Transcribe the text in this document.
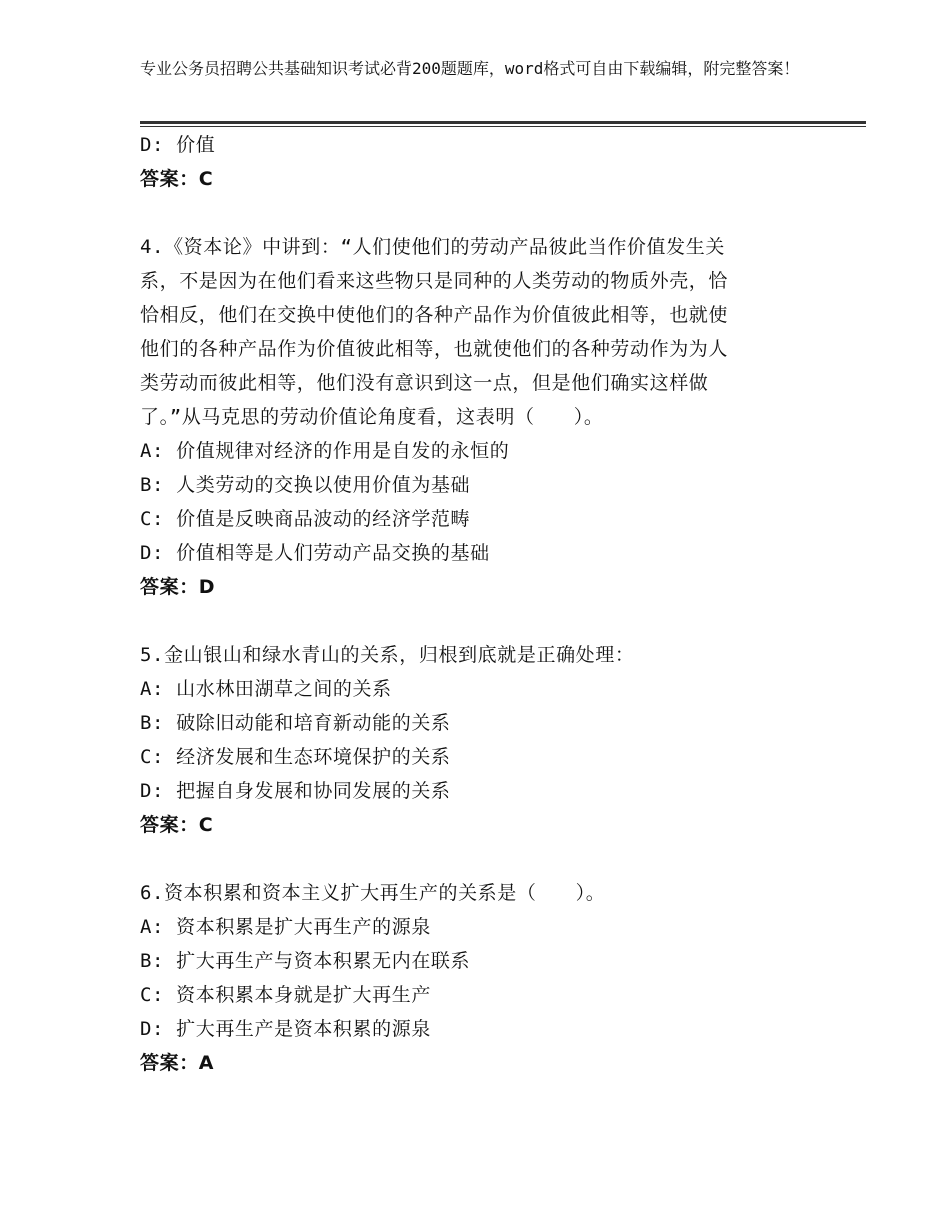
专业公务员招聘公共基础知识考试必背200题题库，word格式可自由下载编辑，附完整答案！
D: 价值
答案：C
4.《资本论》中讲到：“人们使他们的劳动产品彼此当作价值发生关
系，不是因为在他们看来这些物只是同种的人类劳动的物质外壳，恰
恰相反，他们在交换中使他们的各种产品作为价值彼此相等，也就使
他们的各种产品作为价值彼此相等，也就使他们的各种劳动作为为人
类劳动而彼此相等，他们没有意识到这一点，但是他们确实这样做
了。”从马克思的劳动价值论角度看，这表明（　　）。
A: 价值规律对经济的作用是自发的永恒的
B: 人类劳动的交换以使用价值为基础
C: 价值是反映商品波动的经济学范畴
D: 价值相等是人们劳动产品交换的基础
答案：D
5.金山银山和绿水青山的关系，归根到底就是正确处理：
A: 山水林田湖草之间的关系
B: 破除旧动能和培育新动能的关系
C: 经济发展和生态环境保护的关系
D: 把握自身发展和协同发展的关系
答案：C
6.资本积累和资本主义扩大再生产的关系是（　　）。
A: 资本积累是扩大再生产的源泉
B: 扩大再生产与资本积累无内在联系
C: 资本积累本身就是扩大再生产
D: 扩大再生产是资本积累的源泉
答案：A
